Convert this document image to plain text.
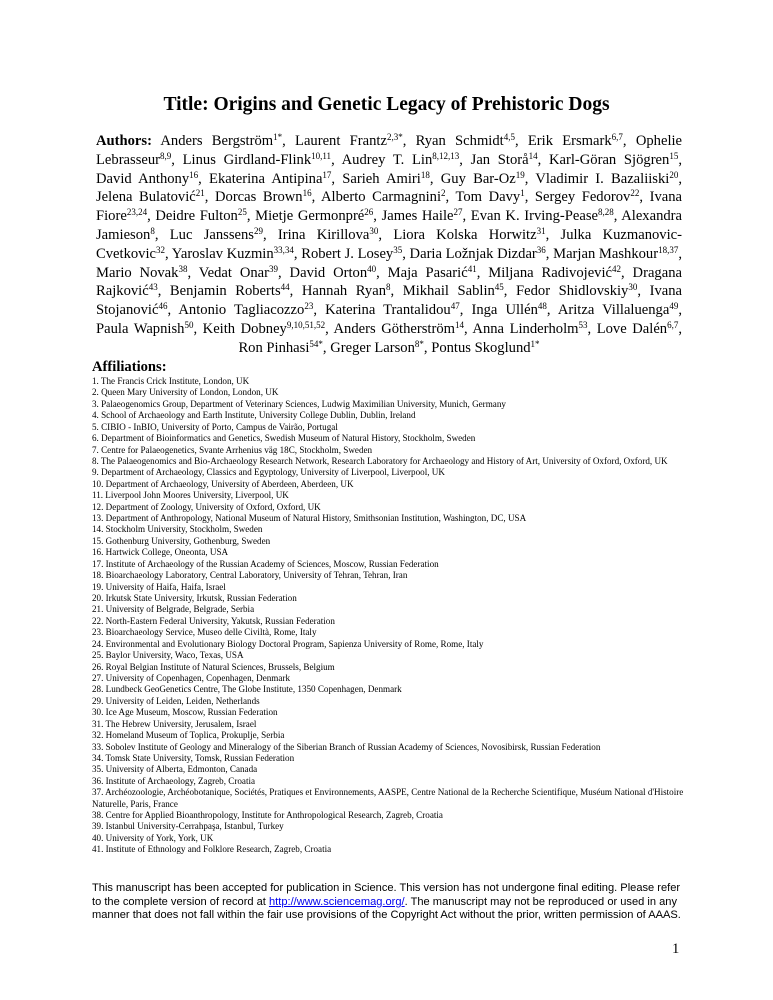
Title: Origins and Genetic Legacy of Prehistoric Dogs
Authors: Anders Bergström$^{1*}$, Laurent Frantz$^{2,3*}$, Ryan Schmidt$^{4,5}$, Erik Ersmark$^{6,7}$, Ophelie Lebrasseur$^{8,9}$, Linus Girdland-Flink$^{10,11}$, Audrey T. Lin$^{8,12,13}$, Jan Storå$^{14}$, Karl-Göran Sjögren$^{15}$, David Anthony$^{16}$, Ekaterina Antipina$^{17}$, Sarieh Amiri$^{18}$, Guy Bar-Oz$^{19}$, Vladimir I. Bazaliiski$^{20}$, Jelena Bulatović$^{21}$, Dorcas Brown$^{16}$, Alberto Carmagnini$^2$, Tom Davy$^1$, Sergey Fedorov$^{22}$, Ivana Fiore$^{23,24}$, Deidre Fulton$^{25}$, Mietje Germonpré$^{26}$, James Haile$^{27}$, Evan K. Irving-Pease$^{8,28}$, Alexandra Jamieson$^8$, Luc Janssens$^{29}$, Irina Kirillova$^{30}$, Liora Kolska Horwitz$^{31}$, Julka Kuzmanovic-Cvetkovic$^{32}$, Yaroslav Kuzmin$^{33,34}$, Robert J. Losey$^{35}$, Daria Ložnjak Dizdar$^{36}$, Marjan Mashkour$^{18,37}$, Mario Novak$^{38}$, Vedat Onar$^{39}$, David Orton$^{40}$, Maja Pasarić$^{41}$, Miljana Radivojević$^{42}$, Dragana Rajković$^{43}$, Benjamin Roberts$^{44}$, Hannah Ryan$^8$, Mikhail Sablin$^{45}$, Fedor Shidlovskiy$^{30}$, Ivana Stojanović$^{46}$, Antonio Tagliacozzo$^{23}$, Katerina Trantalidou$^{47}$, Inga Ullén$^{48}$, Aritza Villaluenga$^{49}$, Paula Wapnish$^{50}$, Keith Dobney$^{9,10,51,52}$, Anders Götherström$^{14}$, Anna Linderholm$^{53}$, Love Dalén$^{6,7}$, Ron Pinhasi$^{54*}$, Greger Larson$^{8*}$, Pontus Skoglund$^{1*}$
Affiliations:
1. The Francis Crick Institute, London, UK
2. Queen Mary University of London, London, UK
3. Palaeogenomics Group, Department of Veterinary Sciences, Ludwig Maximilian University, Munich, Germany
4. School of Archaeology and Earth Institute, University College Dublin, Dublin, Ireland
5. CIBIO - InBIO, University of Porto, Campus de Vairão, Portugal
6. Department of Bioinformatics and Genetics, Swedish Museum of Natural History, Stockholm, Sweden
7. Centre for Palaeogenetics, Svante Arrhenius väg 18C, Stockholm, Sweden
8. The Palaeogenomics and Bio-Archaeology Research Network, Research Laboratory for Archaeology and History of Art, University of Oxford, Oxford, UK
9. Department of Archaeology, Classics and Egyptology, University of Liverpool, Liverpool, UK
10. Department of Archaeology, University of Aberdeen, Aberdeen, UK
11. Liverpool John Moores University, Liverpool, UK
12. Department of Zoology, University of Oxford, Oxford, UK
13. Department of Anthropology, National Museum of Natural History, Smithsonian Institution, Washington, DC, USA
14. Stockholm University, Stockholm, Sweden
15. Gothenburg University, Gothenburg, Sweden
16. Hartwick College, Oneonta, USA
17. Institute of Archaeology of the Russian Academy of Sciences, Moscow, Russian Federation
18. Bioarchaeology Laboratory, Central Laboratory, University of Tehran, Tehran, Iran
19. University of Haifa, Haifa, Israel
20. Irkutsk State University, Irkutsk, Russian Federation
21. University of Belgrade, Belgrade, Serbia
22. North-Eastern Federal University, Yakutsk, Russian Federation
23. Bioarchaeology Service, Museo delle Civiltà, Rome, Italy
24. Environmental and Evolutionary Biology Doctoral Program, Sapienza University of Rome, Rome, Italy
25. Baylor University, Waco, Texas, USA
26. Royal Belgian Institute of Natural Sciences, Brussels, Belgium
27. University of Copenhagen, Copenhagen, Denmark
28. Lundbeck GeoGenetics Centre, The Globe Institute, 1350 Copenhagen, Denmark
29. University of Leiden, Leiden, Netherlands
30. Ice Age Museum, Moscow, Russian Federation
31. The Hebrew University, Jerusalem, Israel
32. Homeland Museum of Toplica, Prokuplje, Serbia
33. Sobolev Institute of Geology and Mineralogy of the Siberian Branch of Russian Academy of Sciences, Novosibirsk, Russian Federation
34. Tomsk State University, Tomsk, Russian Federation
35. University of Alberta, Edmonton, Canada
36. Institute of Archaeology, Zagreb, Croatia
37. Archéozoologie, Archéobotanique, Sociétés, Pratiques et Environnements, AASPE, Centre National de la Recherche Scientifique, Muséum National d'Histoire Naturelle, Paris, France
38. Centre for Applied Bioanthropology, Institute for Anthropological Research, Zagreb, Croatia
39. Istanbul University-Cerrahpaşa, Istanbul, Turkey
40. University of York, York, UK
41. Institute of Ethnology and Folklore Research, Zagreb, Croatia
This manuscript has been accepted for publication in Science. This version has not undergone final editing. Please refer to the complete version of record at http://www.sciencemag.org/. The manuscript may not be reproduced or used in any manner that does not fall within the fair use provisions of the Copyright Act without the prior, written permission of AAAS.
1
